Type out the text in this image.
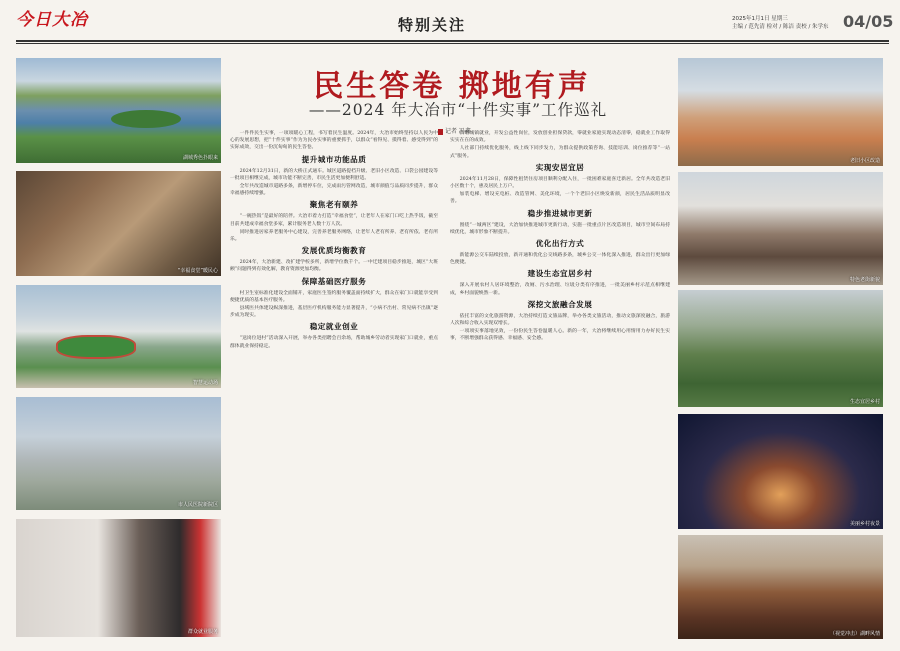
今日大冶	特别关注	2025年1月1日 星期三
主编 / 范先清 检对 / 陈洁 责校 / 朱学东 04/05
湖城秀色扑眼来
“幸福食堂”暖民心
智慧运动场
市人民医院新院区
群众就业服务
老旧小区改造
特色老街新貌
生态宜居乡村
美丽乡村夜景
（视觉冲击）湖畔风情
民生答卷 掷地有声
——2024 年大冶市“十件实事”工作巡礼
记者 冯鑫

一件件民生实事，一项项暖心工程，书写着民生温度。2024年，大冶市始终坚持以人民为中心的发展思想，把“十件实事”作为为民办实事的重要抓手，以群众“看得见、摸得着、感受得到”的实际成效，交出一份沉甸甸的民生答卷。

提升城市功能品质

2024年12月31日，新的大桥正式通车。城区道路提档升级、老旧小区改造、口袋公园建设等一批项目相继完成，城市功能不断完善，市民生活更加便利舒适。

全年共改造城市道路多条，新增停车位，完成雨污管网改造，城市颜值与品质同步提升，群众幸福感持续增强。

聚焦老有颐养

“一碗热饭”是最好的陪伴。大冶市着力打造“幸福食堂”，让老年人在家门口吃上热乎饭，截至目前共建成幸福食堂多家，累计服务老人数十万人次。

同时推进居家养老服务中心建设，完善养老服务网络，让老年人老有所养、老有所依、老有所乐。

发展优质均衡教育

2024年，大冶新建、改扩建学校多所，新增学位数千个。一中迁建项目稳步推进，城区“大班额”问题得到有效化解，教育资源更加均衡。

保障基础医疗服务

村卫生室标准化建设全面铺开，家庭医生签约服务覆盖面持续扩大，群众在家门口就能享受到便捷优质的基本医疗服务。

县域医共体建设纵深推进，基层医疗机构服务能力显著提升，“小病不出村、常见病不出镇”逐步成为现实。

稳定就业创业

“送岗位进村”活动深入开展，举办各类招聘会百余场，帮助城乡劳动者实现家门口就业，重点群体就业保持稳定。

新增城镇就业，开发公益性岗位，发放创业担保贷款，零就业家庭实现动态清零，稳就业工作取得实实在在的成效。

人社部门持续优化服务，线上线下同步发力，为群众提供政策咨询、技能培训、岗位推荐等“一站式”服务。

实现安居宜居

2024年11月28日，保障性租赁住房项目顺利分配入住，一批困难家庭喜迁新居。全年共改造老旧小区数十个，惠及居民上万户。

加装电梯、增设充电桩、改造管网、美化环境，一个个老旧小区焕发新颜，居民生活品质明显改善。

稳步推进城市更新

围绕“一城两区”建设，大冶加快推进城市更新行动，实施一批重点片区改造项目，城市空间布局持续优化，城市形象不断提升。

优化出行方式

新能源公交车陆续投放，新开通和优化公交线路多条，城乡公交一体化深入推进，群众出行更加绿色便捷。

建设生态宜居乡村

深入开展农村人居环境整治，改厕、污水治理、垃圾分类有序推进，一批美丽乡村示范点相继建成，乡村面貌焕然一新。

深挖文旅融合发展

依托丰富的文化旅游资源，大冶持续打造文旅品牌，举办各类文旅活动，推动文旅深度融合，旅游人次和综合收入实现双增长。

一项项实事落地见效，一份份民生答卷温暖人心。新的一年，大冶将继续用心用情用力办好民生实事，不断增强群众获得感、幸福感、安全感。
